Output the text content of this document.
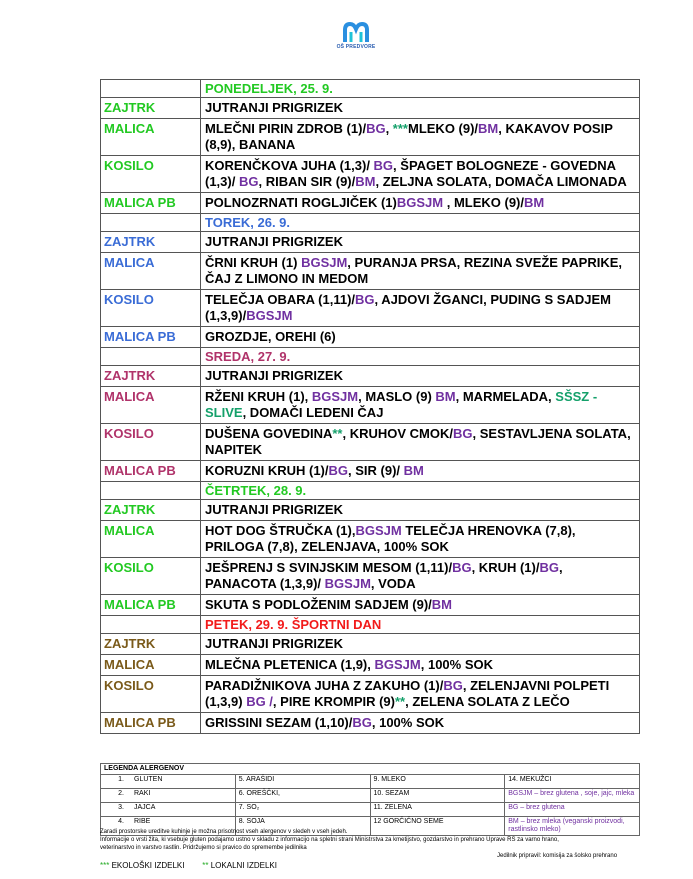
OŠ PREDVORE
	PONEDELJEK, 25. 9.
ZAJTRK	JUTRANJI PRIGRIZEK
MALICA	MLEČNI PIRIN ZDROB (1)/BG, ***MLEKO (9)/BM, KAKAVOV POSIP (8,9), BANANA
KOSILO	KORENČKOVA JUHA (1,3)/ BG, ŠPAGET BOLOGNEZE - GOVEDNA (1,3)/ BG, RIBAN SIR (9)/BM, ZELJNA SOLATA, DOMAČA LIMONADA
MALICA PB	POLNOZRNATI ROGLJIČEK (1)BGSJM , MLEKO (9)/BM
	TOREK, 26. 9.
ZAJTRK	JUTRANJI PRIGRIZEK
MALICA	ČRNI KRUH (1) BGSJM, PURANJA PRSA, REZINA SVEŽE PAPRIKE, ČAJ Z LIMONO IN MEDOM
KOSILO	TELEČJA OBARA (1,11)/BG, AJDOVI ŽGANCI, PUDING S SADJEM (1,3,9)/BGSJM
MALICA PB	GROZDJE, OREHI (6)
	SREDA, 27. 9.
ZAJTRK	JUTRANJI PRIGRIZEK
MALICA	RŽENI KRUH (1), BGSJM, MASLO (9) BM, MARMELADA, SŠSZ - SLIVE, DOMAČI LEDENI ČAJ
KOSILO	DUŠENA GOVEDINA**, KRUHOV CMOK/BG, SESTAVLJENA SOLATA, NAPITEK
MALICA PB	KORUZNI KRUH (1)/BG, SIR (9)/ BM
	ČETRTEK, 28. 9.
ZAJTRK	JUTRANJI PRIGRIZEK
MALICA	HOT DOG ŠTRUČKA (1),BGSJM TELEČJA HRENOVKA (7,8), PRILOGA (7,8), ZELENJAVA, 100% SOK
KOSILO	JEŠPRENJ S SVINJSKIM MESOM (1,11)/BG, KRUH (1)/BG, PANACOTA (1,3,9)/ BGSJM, VODA
MALICA PB	SKUTA S PODLOŽENIM SADJEM (9)/BM
	PETEK, 29. 9. ŠPORTNI DAN
ZAJTRK	JUTRANJI PRIGRIZEK
MALICA	MLEČNA PLETENICA (1,9), BGSJM, 100% SOK
KOSILO	PARADIŽNIKOVA JUHA Z ZAKUHO (1)/BG, ZELENJAVNI POLPETI (1,3,9) BG /, PIRE KROMPIR (9)**, ZELENA SOLATA Z LEČO
MALICA PB	GRISSINI SEZAM (1,10)/BG, 100% SOK
LEGENDA ALERGENOV			
1. GLUTEN	5. ARAŠIDI	9. MLEKO	14. MEKUŽCI
2. RAKI	6. OREŠČKI,	10. SEZAM	BGSJM – brez glutena , soje, jajc, mleka
3. JAJCA	7. SO₂	11. ZELENA	BG – brez glutena
4. RIBE	8. SOJA	12 GORČIČNO SEME	BM – brez mleka (veganski proizvodi, rastlinsko mleko)
Zaradi prostorske ureditve kuhinje je možna prisotnost vseh alergenov v sledeh v vseh jedeh.
Informacije o vrsti žita, ki vsebuje gluten podajamo ustno v skladu z informacijo na spletni strani Ministrstva za kmetijstvo, gozdarstvo in prehrano Uprave RS za varno hrano,
veterinarstvo in varstvo rastlin. Pridržujemo si pravico do spremembe jedilnika
Jedilnik pripravil: komisija za šolsko prehrano
*** EKOLOŠKI IZDELKI ** LOKALNI IZDELKI
